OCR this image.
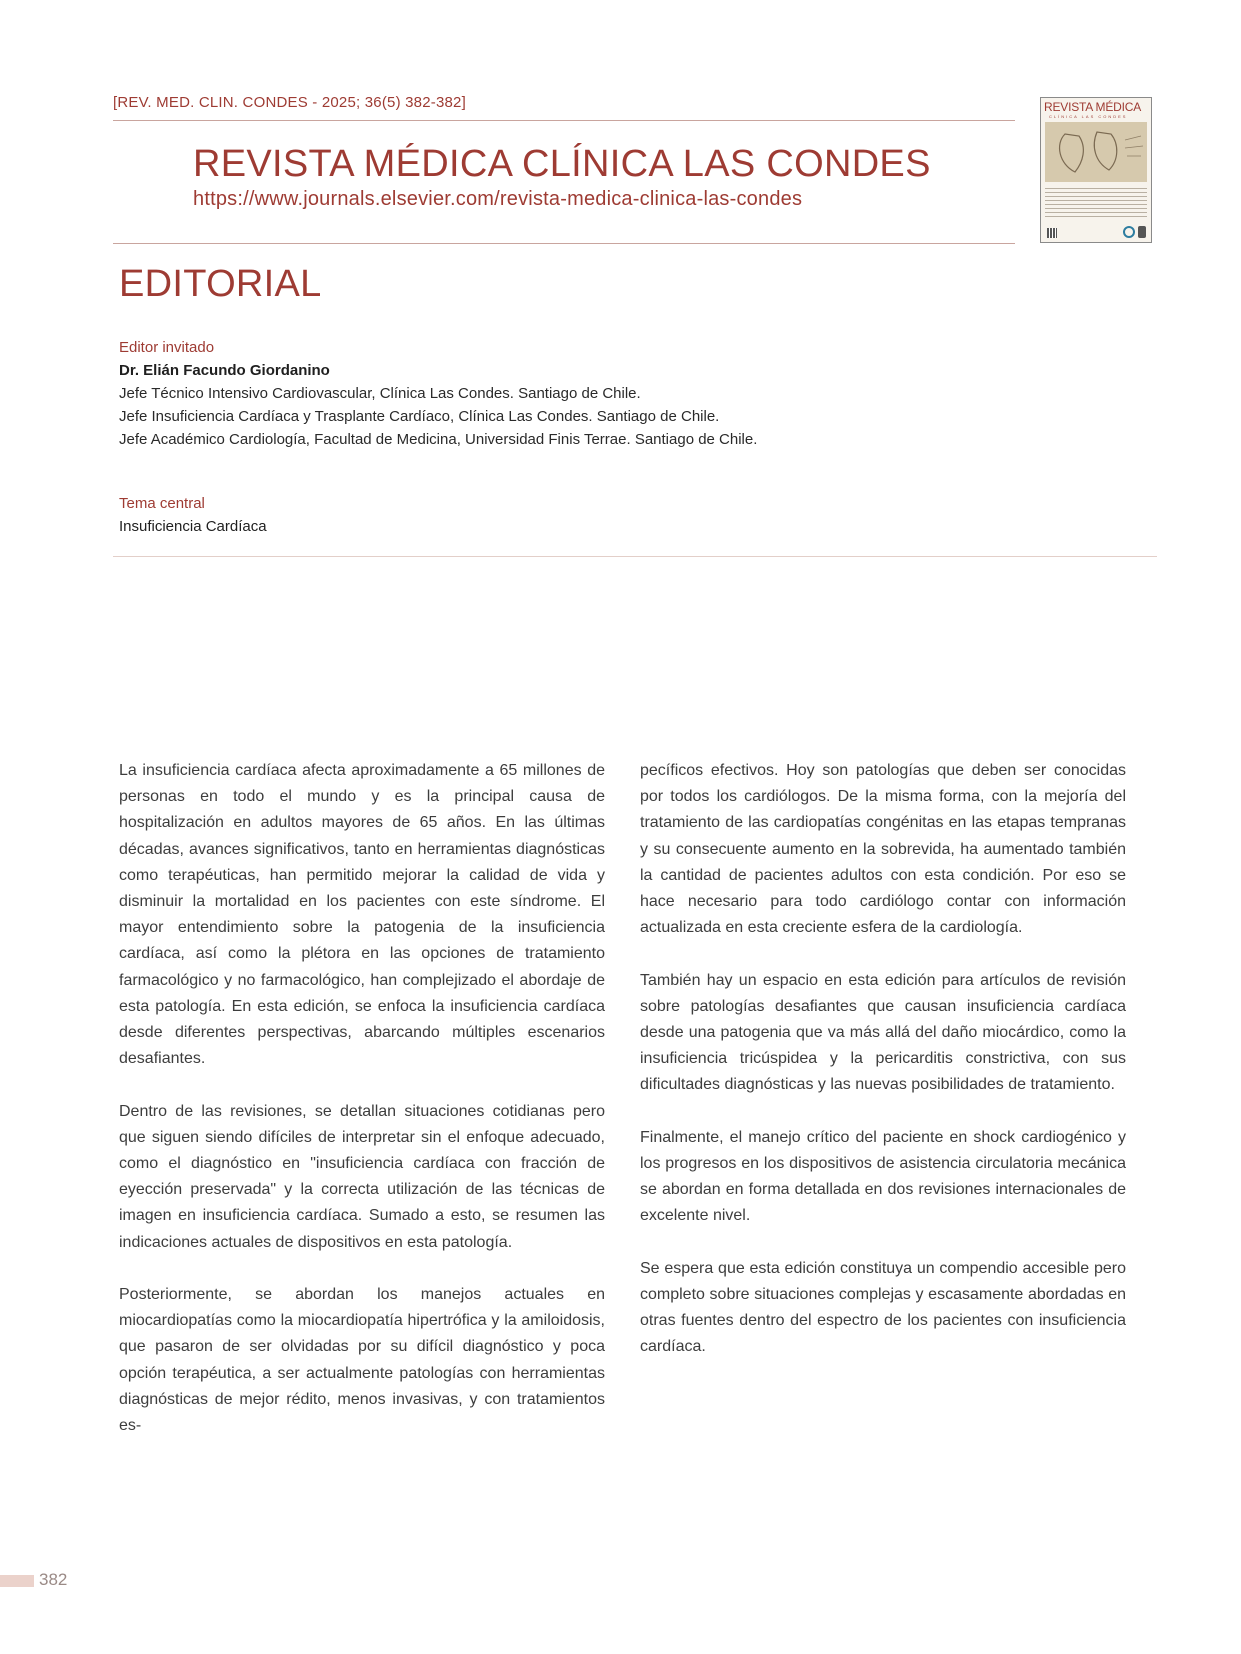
[REV. MED. CLIN. CONDES - 2025; 36(5) 382-382]
REVISTA MÉDICA CLÍNICA LAS CONDES
https://www.journals.elsevier.com/revista-medica-clinica-las-condes
REVISTA MÉDICA
CLÍNICA LAS CONDES
EDITORIAL
Editor invitado
Dr. Elián Facundo Giordanino
Jefe Técnico Intensivo Cardiovascular, Clínica Las Condes. Santiago de Chile.
Jefe Insuficiencia Cardíaca y Trasplante Cardíaco, Clínica Las Condes. Santiago de Chile.
Jefe Académico Cardiología, Facultad de Medicina, Universidad Finis Terrae. Santiago de Chile.
Tema central
Insuficiencia Cardíaca

La insuficiencia cardíaca afecta aproximadamente a 65 millones de personas en todo el mundo y es la principal causa de hospitalización en adultos mayores de 65 años. En las últimas décadas, avances significativos, tanto en herramientas diagnósticas como terapéuticas, han permitido mejorar la calidad de vida y disminuir la mortalidad en los pacientes con este síndrome. El mayor entendimiento sobre la patogenia de la insuficiencia cardíaca, así como la plétora en las opciones de tratamiento farmacológico y no farmacológico, han complejizado el abordaje de esta patología. En esta edición, se enfoca la insuficiencia cardíaca desde diferentes perspectivas, abarcando múltiples escenarios desafiantes.

Dentro de las revisiones, se detallan situaciones cotidianas pero que siguen siendo difíciles de interpretar sin el enfoque adecuado, como el diagnóstico en "insuficiencia cardíaca con fracción de eyección preservada" y la correcta utilización de las técnicas de imagen en insuficiencia cardíaca. Sumado a esto, se resumen las indicaciones actuales de dispositivos en esta patología.

Posteriormente, se abordan los manejos actuales en miocardiopatías como la miocardiopatía hipertrófica y la amiloidosis, que pasaron de ser olvidadas por su difícil diagnóstico y poca opción terapéutica, a ser actualmente patologías con herramientas diagnósticas de mejor rédito, menos invasivas, y con tratamientos es-

pecíficos efectivos. Hoy son patologías que deben ser conocidas por todos los cardiólogos. De la misma forma, con la mejoría del tratamiento de las cardiopatías congénitas en las etapas tempranas y su consecuente aumento en la sobrevida, ha aumentado también la cantidad de pacientes adultos con esta condición. Por eso se hace necesario para todo cardiólogo contar con información actualizada en esta creciente esfera de la cardiología.

También hay un espacio en esta edición para artículos de revisión sobre patologías desafiantes que causan insuficiencia cardíaca desde una patogenia que va más allá del daño miocárdico, como la insuficiencia tricúspidea y la pericarditis constrictiva, con sus dificultades diagnósticas y las nuevas posibilidades de tratamiento.

Finalmente, el manejo crítico del paciente en shock cardiogénico y los progresos en los dispositivos de asistencia circulatoria mecánica se abordan en forma detallada en dos revisiones internacionales de excelente nivel.

Se espera que esta edición constituya un compendio accesible pero completo sobre situaciones complejas y escasamente abordadas en otras fuentes dentro del espectro de los pacientes con insuficiencia cardíaca.

382
